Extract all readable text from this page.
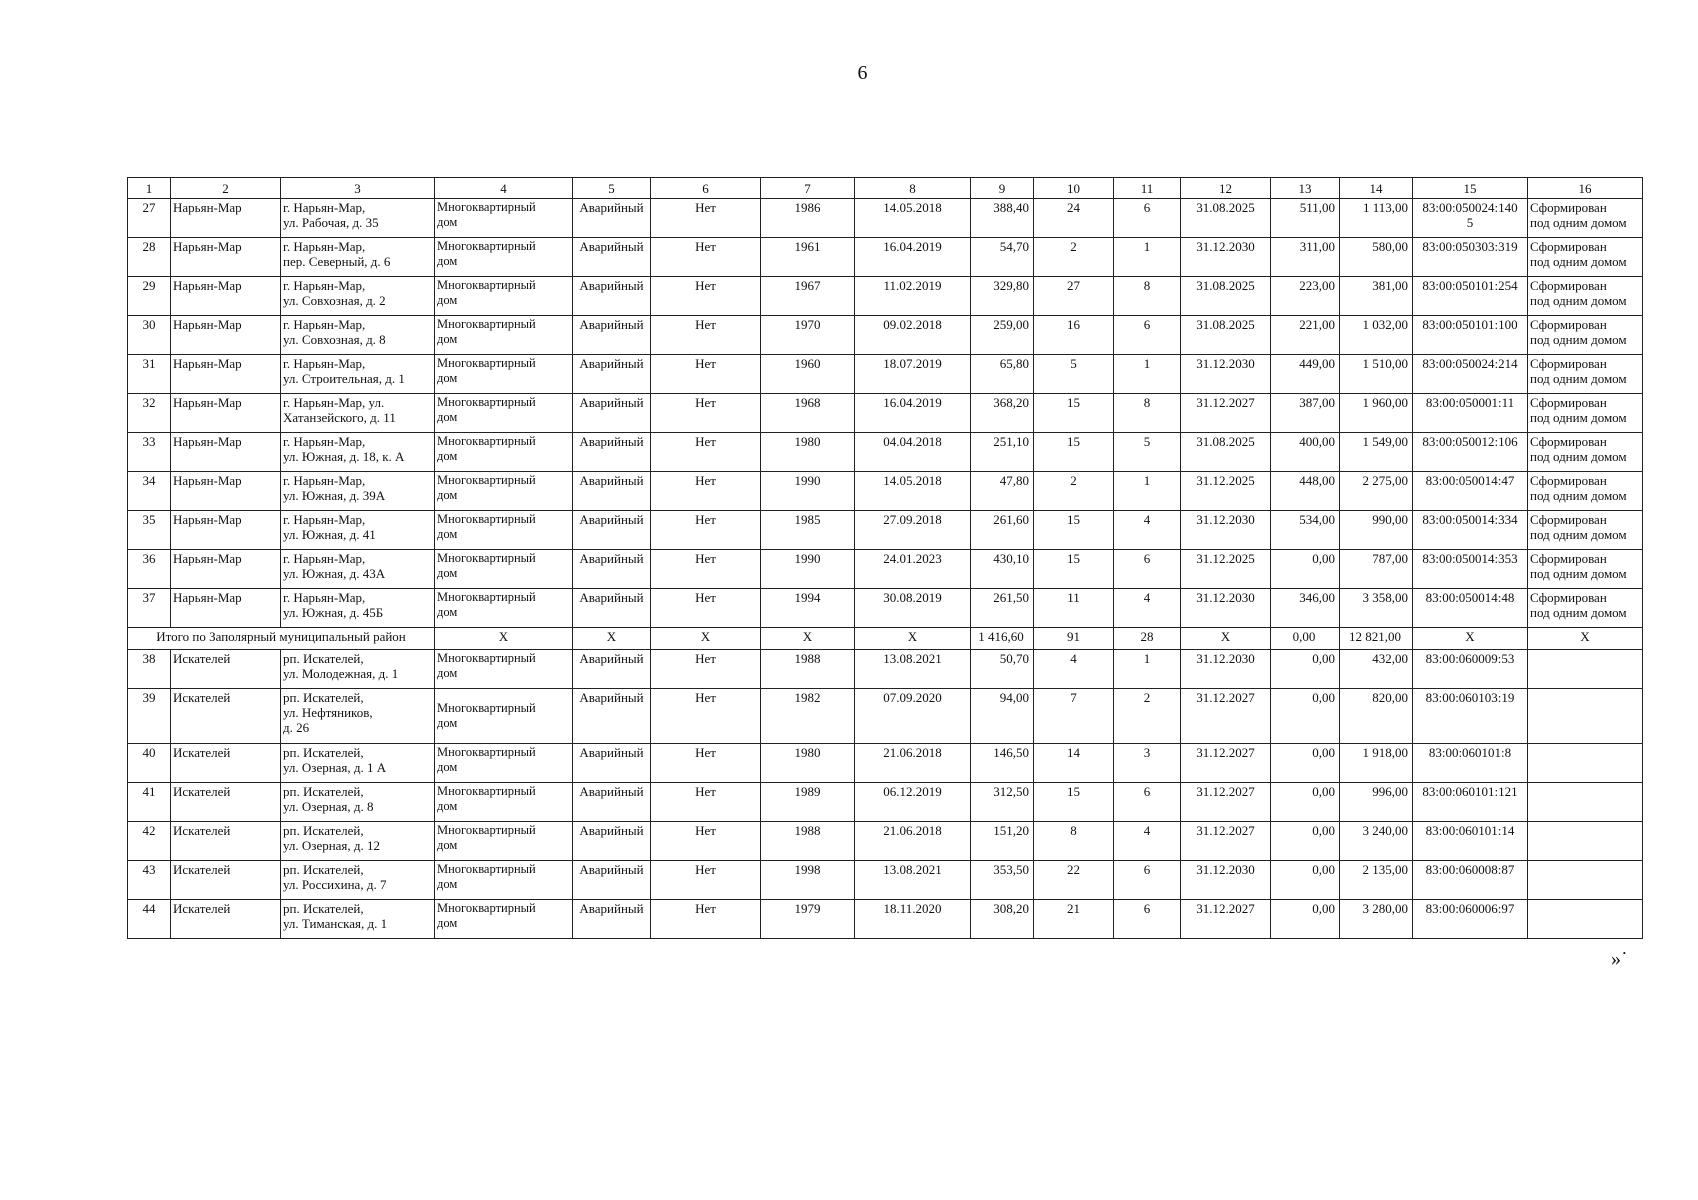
6
1	2	3	4	5	6	7	8	9	10	11	12	13	14	15	16
27	Нарьян-Мар	г. Нарьян-Мар,
ул. Рабочая, д. 35	Многоквартирный
дом	Аварийный	Нет	1986	14.05.2018	388,40	24	6	31.08.2025	511,00	1 113,00	83:00:050024:140
5	Сформирован
под одним домом

28	Нарьян-Мар	г. Нарьян-Мар,
пер. Северный, д. 6	Многоквартирный
дом	Аварийный	Нет	1961	16.04.2019	54,70	2	1	31.12.2030	311,00	580,00	83:00:050303:319	Сформирован
под одним домом

29	Нарьян-Мар	г. Нарьян-Мар,
ул. Совхозная, д. 2	Многоквартирный
дом	Аварийный	Нет	1967	11.02.2019	329,80	27	8	31.08.2025	223,00	381,00	83:00:050101:254	Сформирован
под одним домом

30	Нарьян-Мар	г. Нарьян-Мар,
ул. Совхозная, д. 8	Многоквартирный
дом	Аварийный	Нет	1970	09.02.2018	259,00	16	6	31.08.2025	221,00	1 032,00	83:00:050101:100	Сформирован
под одним домом

31	Нарьян-Мар	г. Нарьян-Мар,
ул. Строительная, д. 1	Многоквартирный
дом	Аварийный	Нет	1960	18.07.2019	65,80	5	1	31.12.2030	449,00	1 510,00	83:00:050024:214	Сформирован
под одним домом

32	Нарьян-Мар	г. Нарьян-Мар, ул.
Хатанзейского, д. 11	Многоквартирный
дом	Аварийный	Нет	1968	16.04.2019	368,20	15	8	31.12.2027	387,00	1 960,00	83:00:050001:11	Сформирован
под одним домом

33	Нарьян-Мар	г. Нарьян-Мар,
ул. Южная, д. 18, к. А	Многоквартирный
дом	Аварийный	Нет	1980	04.04.2018	251,10	15	5	31.08.2025	400,00	1 549,00	83:00:050012:106	Сформирован
под одним домом

34	Нарьян-Мар	г. Нарьян-Мар,
ул. Южная, д. 39А	Многоквартирный
дом	Аварийный	Нет	1990	14.05.2018	47,80	2	1	31.12.2025	448,00	2 275,00	83:00:050014:47	Сформирован
под одним домом

35	Нарьян-Мар	г. Нарьян-Мар,
ул. Южная, д. 41	Многоквартирный
дом	Аварийный	Нет	1985	27.09.2018	261,60	15	4	31.12.2030	534,00	990,00	83:00:050014:334	Сформирован
под одним домом

36	Нарьян-Мар	г. Нарьян-Мар,
ул. Южная, д. 43А	Многоквартирный
дом	Аварийный	Нет	1990	24.01.2023	430,10	15	6	31.12.2025	0,00	787,00	83:00:050014:353	Сформирован
под одним домом

37	Нарьян-Мар	г. Нарьян-Мар,
ул. Южная, д. 45Б	Многоквартирный
дом	Аварийный	Нет	1994	30.08.2019	261,50	11	4	31.12.2030	346,00	3 358,00	83:00:050014:48	Сформирован
под одним домом

Итого по Заполярный муниципальный район			X	X	X	X	X	1 416,60	91	28	X	0,00	12 821,00	X	X
38	Искателей	рп. Искателей,
ул. Молодежная, д. 1	Многоквартирный
дом	Аварийный	Нет	1988	13.08.2021	50,70	4	1	31.12.2030	0,00	432,00	83:00:060009:53	

39	Искателей	рп. Искателей,
ул. Нефтяников,
д. 26	Многоквартирный
дом	Аварийный	Нет	1982	07.09.2020	94,00	7	2	31.12.2027	0,00	820,00	83:00:060103:19	

40	Искателей	рп. Искателей,
ул. Озерная, д. 1 А	Многоквартирный
дом	Аварийный	Нет	1980	21.06.2018	146,50	14	3	31.12.2027	0,00	1 918,00	83:00:060101:8	

41	Искателей	рп. Искателей,
ул. Озерная, д. 8	Многоквартирный
дом	Аварийный	Нет	1989	06.12.2019	312,50	15	6	31.12.2027	0,00	996,00	83:00:060101:121	

42	Искателей	рп. Искателей,
ул. Озерная, д. 12	Многоквартирный
дом	Аварийный	Нет	1988	21.06.2018	151,20	8	4	31.12.2027	0,00	3 240,00	83:00:060101:14	

43	Искателей	рп. Искателей,
ул. Россихина, д. 7	Многоквартирный
дом	Аварийный	Нет	1998	13.08.2021	353,50	22	6	31.12.2030	0,00	2 135,00	83:00:060008:87	

44	Искателей	рп. Искателей,
ул. Тиманская, д. 1	Многоквартирный
дом	Аварийный	Нет	1979	18.11.2020	308,20	21	6	31.12.2027	0,00	3 280,00	83:00:060006:97	

»˙
